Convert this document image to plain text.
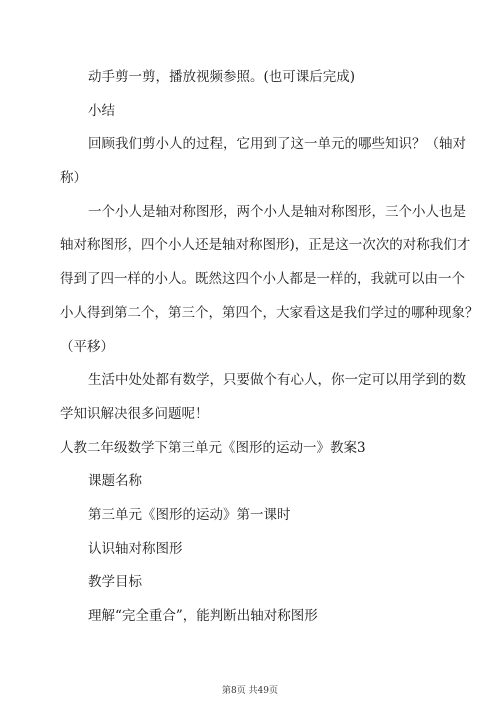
动手剪一剪，播放视频参照。(也可课后完成)
小结
回顾我们剪小人的过程，它用到了这一单元的哪些知识？（轴对
称）
一个小人是轴对称图形，两个小人是轴对称图形，三个小人也是
轴对称图形，四个小人还是轴对称图形)，正是这一次次的对称我们才
得到了四一样的小人。既然这四个小人都是一样的，我就可以由一个
小人得到第二个，第三个，第四个，大家看这是我们学过的哪种现象？
（平移）
生活中处处都有数学，只要做个有心人，你一定可以用学到的数
学知识解决很多问题呢！
人教二年级数学下第三单元《图形的运动一》教案3
课题名称
第三单元《图形的运动》第一课时
认识轴对称图形
教学目标
理解“完全重合”，能判断出轴对称图形
第8页 共49页
